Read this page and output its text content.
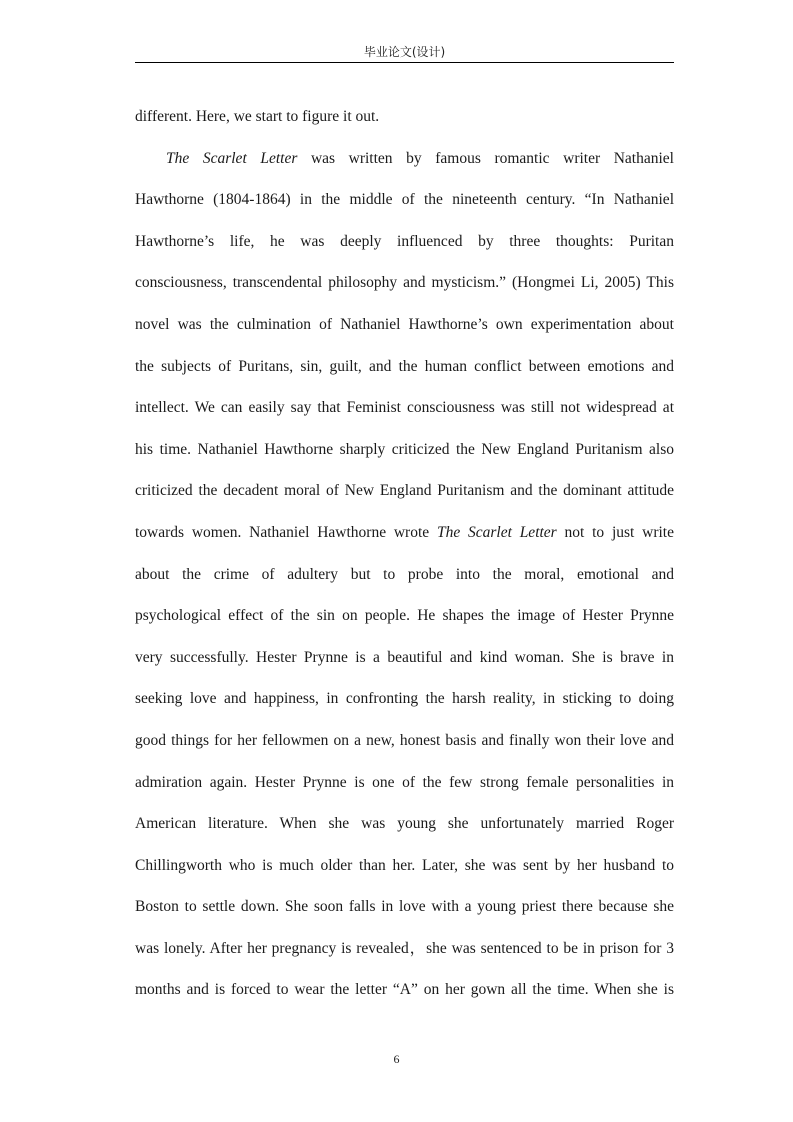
毕业论文(设计)
different. Here, we start to figure it out.
The Scarlet Letter was written by famous romantic writer Nathaniel
Hawthorne (1804-1864) in the middle of the nineteenth century. “In Nathaniel
Hawthorne’s life, he was deeply influenced by three thoughts: Puritan
consciousness, transcendental philosophy and mysticism.” (Hongmei Li, 2005) This
novel was the culmination of Nathaniel Hawthorne’s own experimentation about
the subjects of Puritans, sin, guilt, and the human conflict between emotions and
intellect. We can easily say that Feminist consciousness was still not widespread at
his time. Nathaniel Hawthorne sharply criticized the New England Puritanism also
criticized the decadent moral of New England Puritanism and the dominant attitude
towards women. Nathaniel Hawthorne wrote The Scarlet Letter not to just write
about the crime of adultery but to probe into the moral, emotional and
psychological effect of the sin on people. He shapes the image of Hester Prynne
very successfully. Hester Prynne is a beautiful and kind woman. She is brave in
seeking love and happiness, in confronting the harsh reality, in sticking to doing
good things for her fellowmen on a new, honest basis and finally won their love and
admiration again. Hester Prynne is one of the few strong female personalities in
American literature. When she was young she unfortunately married Roger
Chillingworth who is much older than her. Later, she was sent by her husband to
Boston to settle down. She soon falls in love with a young priest there because she
was lonely. After her pregnancy is revealed，she was sentenced to be in prison for 3
months and is forced to wear the letter “A” on her gown all the time. When she is
6
